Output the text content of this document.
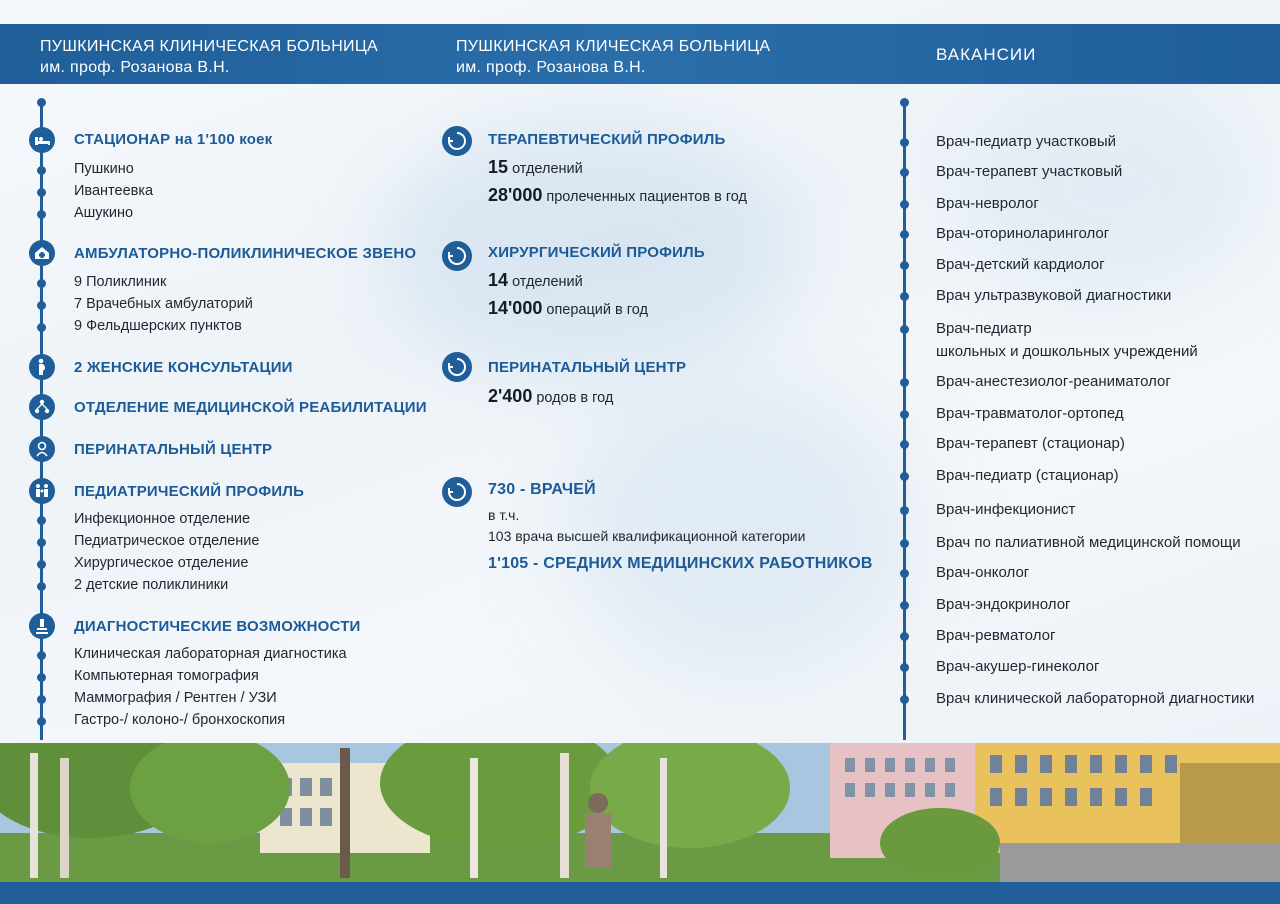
ПУШКИНСКАЯ КЛИНИЧЕСКАЯ БОЛЬНИЦА
им. проф. Розанова В.Н.
ПУШКИНСКАЯ КЛИЧЕСКАЯ БОЛЬНИЦА
им. проф. Розанова В.Н.
ВАКАНСИИ
СТАЦИОНАР на 1'100 коек
Пушкино
Ивантеевка
Ашукино
АМБУЛАТОРНО-ПОЛИКЛИНИЧЕСКОЕ ЗВЕНО
9 Поликлиник
7 Врачебных амбулаторий
9 Фельдшерских пунктов
2 ЖЕНСКИЕ КОНСУЛЬТАЦИИ
ОТДЕЛЕНИЕ МЕДИЦИНСКОЙ РЕАБИЛИТАЦИИ
ПЕРИНАТАЛЬНЫЙ ЦЕНТР
ПЕДИАТРИЧЕСКИЙ ПРОФИЛЬ
Инфекционное отделение
Педиатрическое отделение
Хирургическое отделение
2 детские поликлиники
ДИАГНОСТИЧЕСКИЕ ВОЗМОЖНОСТИ
Клиническая лабораторная диагностика
Компьютерная томография
Маммография / Рентген / УЗИ
Гастро-/ колоно-/ бронхоскопия
ТЕРАПЕВТИЧЕСКИЙ ПРОФИЛЬ
15 отделений
28'000 пролеченных пациентов в год
ХИРУРГИЧЕСКИЙ ПРОФИЛЬ
14 отделений
14'000 операций в год
ПЕРИНАТАЛЬНЫЙ ЦЕНТР
2'400 родов в год
730 - ВРАЧЕЙ
в т.ч.
103 врача высшей квалификационной категории
1'105 - СРЕДНИХ МЕДИЦИНСКИХ РАБОТНИКОВ
Врач-педиатр участковый
Врач-терапевт участковый
Врач-невролог
Врач-оториноларинголог
Врач-детский кардиолог
Врач ультразвуковой диагностики
Врач-педиатр
школьных и дошкольных учреждений
Врач-анестезиолог-реаниматолог
Врач-травматолог-ортопед
Врач-терапевт (стационар)
Врач-педиатр (стационар)
Врач-инфекционист
Врач по палиативной медицинской помощи
Врач-онколог
Врач-эндокринолог
Врач-ревматолог
Врач-акушер-гинеколог
Врач клинической лабораторной диагностики
